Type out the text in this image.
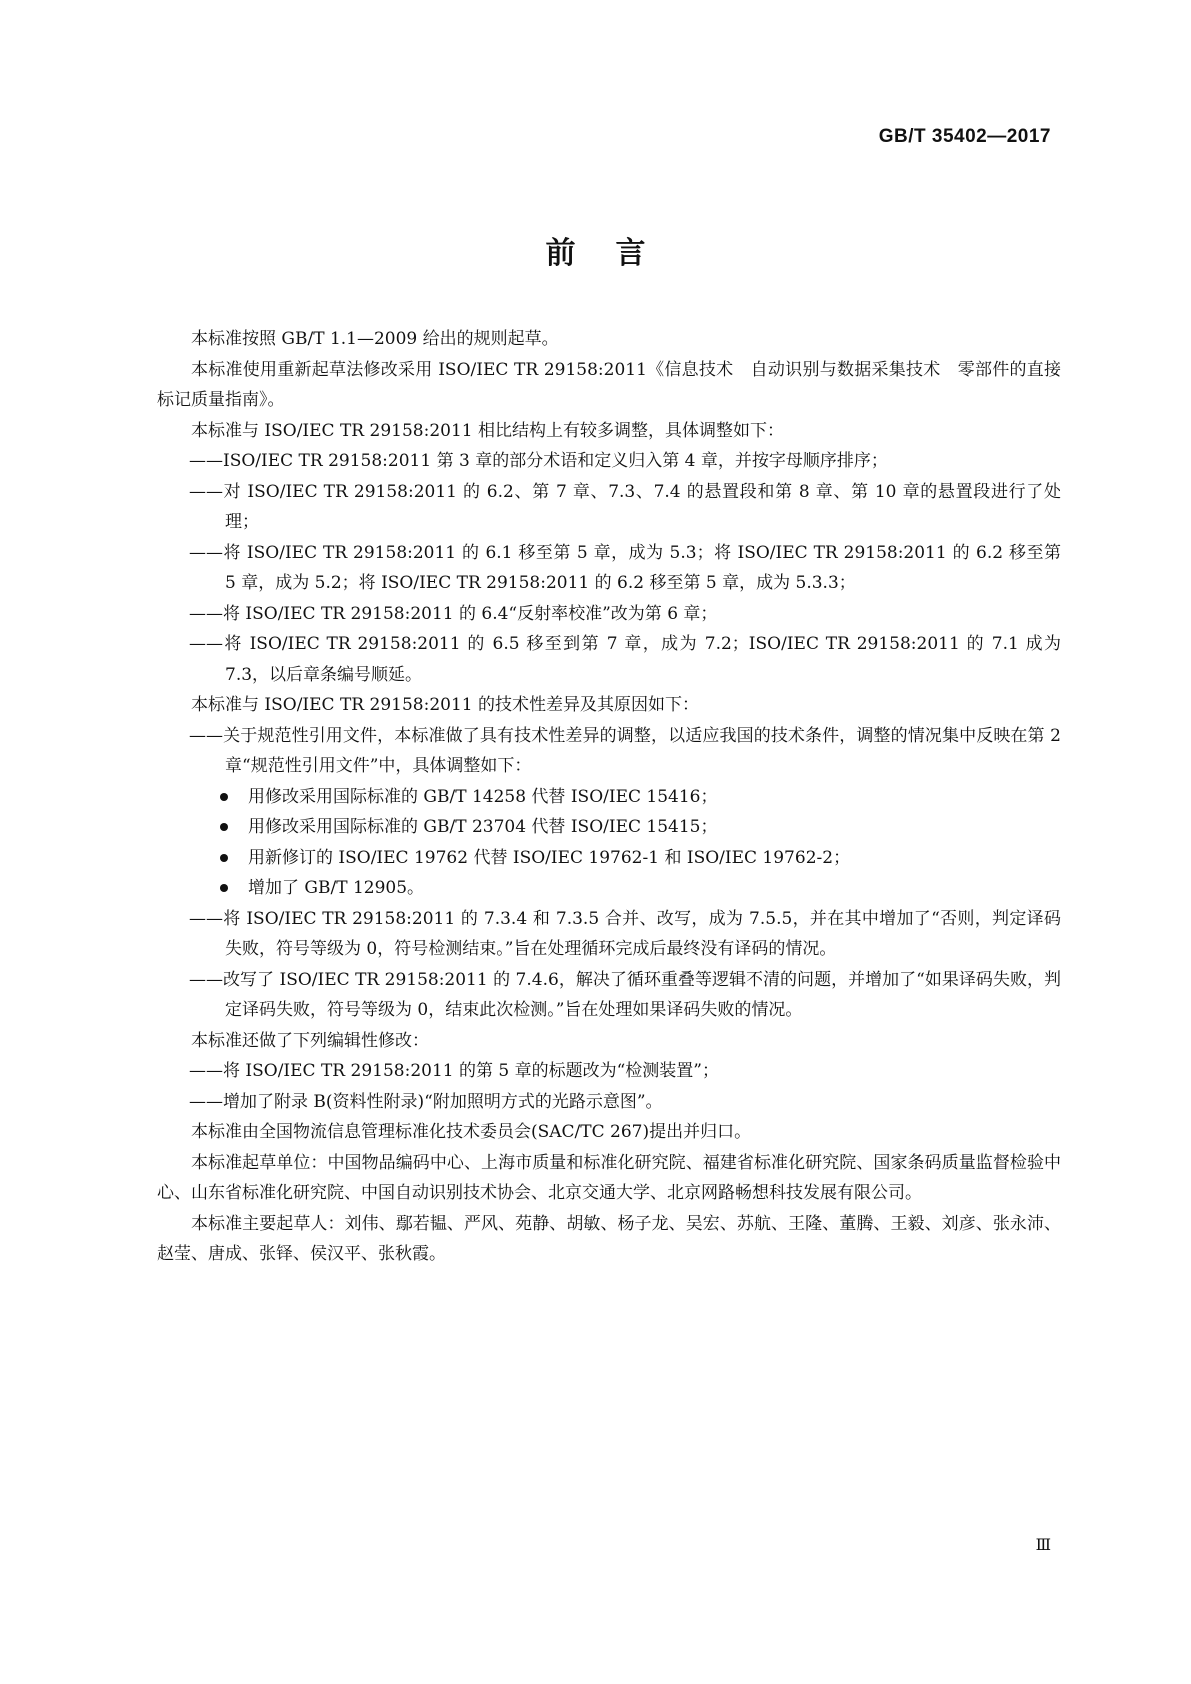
GB/T 35402—2017
前言

本标准按照 GB/T 1.1—2009 给出的规则起草。

本标准使用重新起草法修改采用 ISO/IEC TR 29158:2011《信息技术　自动识别与数据采集技术　零部件的直接标记质量指南》。

本标准与 ISO/IEC TR 29158:2011 相比结构上有较多调整，具体调整如下：

——ISO/IEC TR 29158:2011 第 3 章的部分术语和定义归入第 4 章，并按字母顺序排序；

——对 ISO/IEC TR 29158:2011 的 6.2、第 7 章、7.3、7.4 的悬置段和第 8 章、第 10 章的悬置段进行了处理；

——将 ISO/IEC TR 29158:2011 的 6.1 移至第 5 章，成为 5.3；将 ISO/IEC TR 29158:2011 的 6.2 移至第 5 章，成为 5.2；将 ISO/IEC TR 29158:2011 的 6.2 移至第 5 章，成为 5.3.3；

——将 ISO/IEC TR 29158:2011 的 6.4“反射率校准”改为第 6 章；

——将 ISO/IEC TR 29158:2011 的 6.5 移至到第 7 章，成为 7.2；ISO/IEC TR 29158:2011 的 7.1 成为7.3，以后章条编号顺延。

本标准与 ISO/IEC TR 29158:2011 的技术性差异及其原因如下：

——关于规范性引用文件，本标准做了具有技术性差异的调整，以适应我国的技术条件，调整的情况集中反映在第 2 章“规范性引用文件”中，具体调整如下：

用修改采用国际标准的 GB/T 14258 代替 ISO/IEC 15416；

用修改采用国际标准的 GB/T 23704 代替 ISO/IEC 15415；

用新修订的 ISO/IEC 19762 代替 ISO/IEC 19762-1 和 ISO/IEC 19762-2；

增加了 GB/T 12905。

——将 ISO/IEC TR 29158:2011 的 7.3.4 和 7.3.5 合并、改写，成为 7.5.5，并在其中增加了“否则，判定译码失败，符号等级为 0，符号检测结束。”旨在处理循环完成后最终没有译码的情况。

——改写了 ISO/IEC TR 29158:2011 的 7.4.6，解决了循环重叠等逻辑不清的问题，并增加了“如果译码失败，判定译码失败，符号等级为 0，结束此次检测。”旨在处理如果译码失败的情况。

本标准还做了下列编辑性修改：

——将 ISO/IEC TR 29158:2011 的第 5 章的标题改为“检测装置”；

——增加了附录 B(资料性附录)“附加照明方式的光路示意图”。

本标准由全国物流信息管理标准化技术委员会(SAC/TC 267)提出并归口。

本标准起草单位：中国物品编码中心、上海市质量和标准化研究院、福建省标准化研究院、国家条码质量监督检验中心、山东省标准化研究院、中国自动识别技术协会、北京交通大学、北京网路畅想科技发展有限公司。

本标准主要起草人：刘伟、鄢若韫、严风、苑静、胡敏、杨子龙、吴宏、苏航、王隆、董腾、王毅、刘彦、张永沛、赵莹、唐成、张铎、侯汉平、张秋霞。

Ⅲ
